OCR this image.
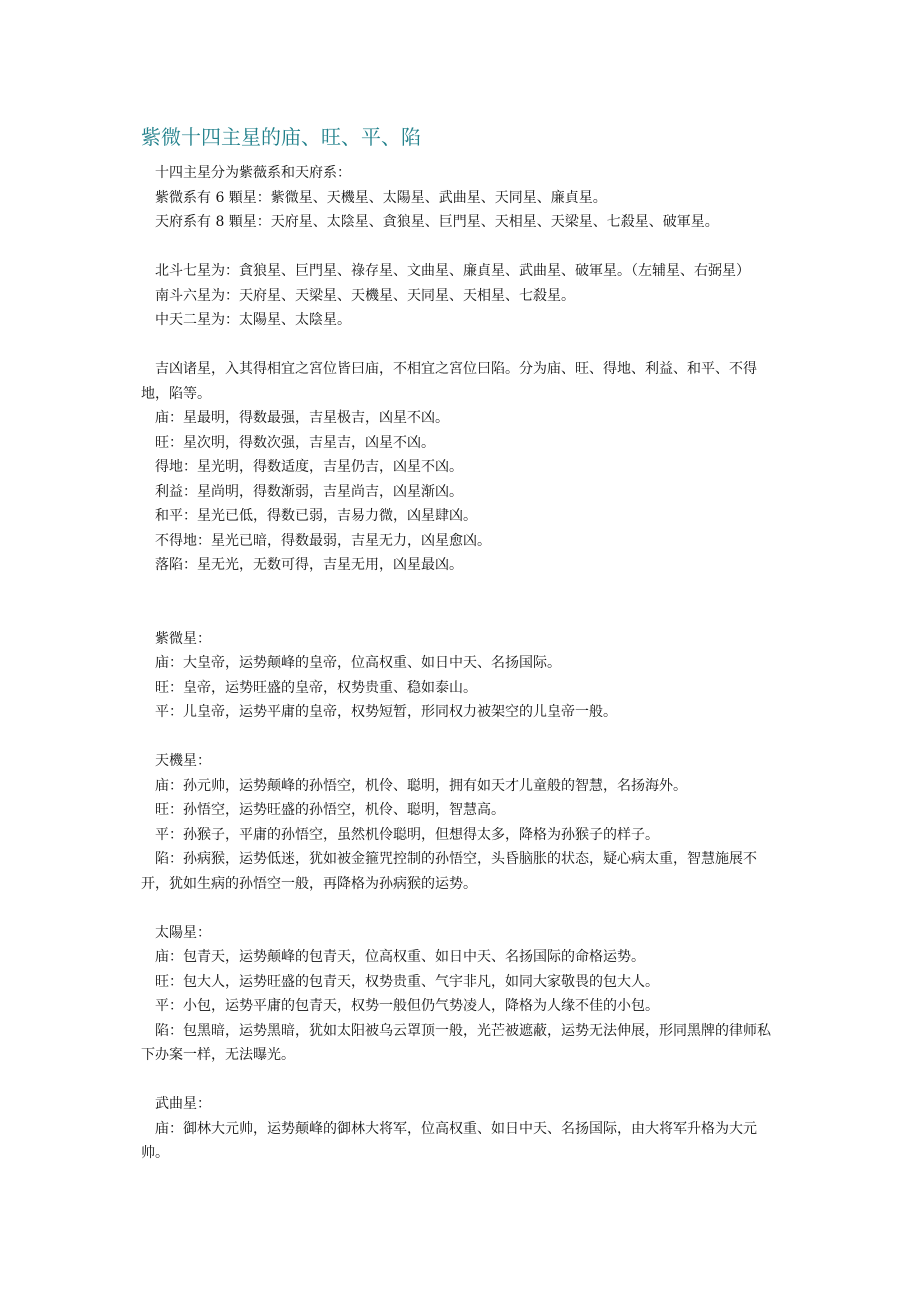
紫微十四主星的庙、旺、平、陷

十四主星分为紫薇系和天府系：

紫微系有 6 顆星：紫微星、天機星、太陽星、武曲星、天同星、廉貞星。

天府系有 8 顆星：天府星、太陰星、貪狼星、巨門星、天相星、天梁星、七殺星、破軍星。

北斗七星为：貪狼星、巨門星、祿存星、文曲星、廉貞星、武曲星、破軍星。（左辅星、右弼星）

南斗六星为：天府星、天梁星、天機星、天同星、天相星、七殺星。

中天二星为：太陽星、太陰星。

吉凶诸星，入其得相宜之宮位皆曰庙，不相宜之宮位曰陷。分为庙、旺、得地、利益、和平、不得地，陷等。

庙：星最明，得数最强，吉星极吉，凶星不凶。

旺：星次明，得数次强，吉星吉，凶星不凶。

得地：星光明，得数适度，吉星仍吉，凶星不凶。

利益：星尚明，得数渐弱，吉星尚吉，凶星渐凶。

和平：星光已低，得数已弱，吉易力微，凶星肆凶。

不得地：星光已暗，得数最弱，吉星无力，凶星愈凶。

落陷：星无光，无数可得，吉星无用，凶星最凶。

紫微星：

庙：大皇帝，运势颠峰的皇帝，位高权重、如日中天、名扬国际。

旺：皇帝，运势旺盛的皇帝，权势贵重、稳如泰山。

平：儿皇帝，运势平庸的皇帝，权势短暂，形同权力被架空的儿皇帝一般。

天機星：

庙：孙元帅，运势颠峰的孙悟空，机伶、聪明，拥有如天才儿童般的智慧，名扬海外。

旺：孙悟空，运势旺盛的孙悟空，机伶、聪明，智慧高。

平：孙猴子，平庸的孙悟空，虽然机伶聪明，但想得太多，降格为孙猴子的样子。

陷：孙病猴，运势低迷，犹如被金箍咒控制的孙悟空，头昏脑胀的状态，疑心病太重，智慧施展不开，犹如生病的孙悟空一般，再降格为孙病猴的运势。

太陽星：

庙：包青天，运势颠峰的包青天，位高权重、如日中天、名扬国际的命格运势。

旺：包大人，运势旺盛的包青天，权势贵重、气宇非凡，如同大家敬畏的包大人。

平：小包，运势平庸的包青天，权势一般但仍气势凌人，降格为人缘不佳的小包。

陷：包黑暗，运势黑暗，犹如太阳被乌云罩顶一般，光芒被遮蔽，运势无法伸展，形同黑牌的律师私下办案一样，无法曝光。

武曲星：

庙：御林大元帅，运势颠峰的御林大将军，位高权重、如日中天、名扬国际，由大将军升格为大元帅。
